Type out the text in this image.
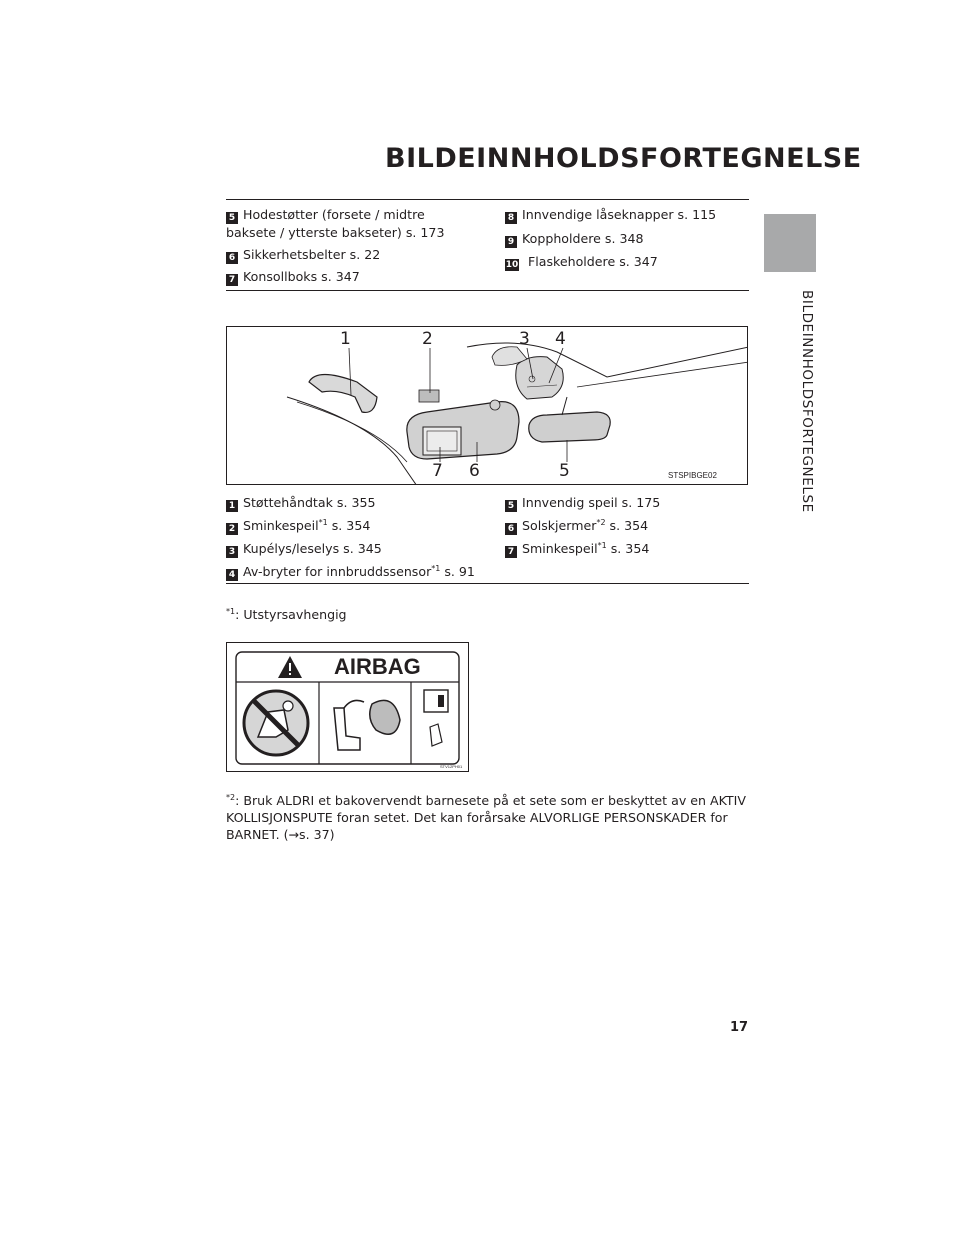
BILDEINNHOLDSFORTEGNELSE
BILDEINNHOLDSFORTEGNELSE
5 Hodestøtter (forsete / midtre
baksete / ytterste bakseter) s. 173
6 Sikkerhetsbelter s. 22
7 Konsollboks s. 347
8 Innvendige låseknapper s. 115
9 Koppholdere s. 348
10 Flaskeholdere s. 347
1	2	3 4
7 6	5	STSPIBGE02
1 Støttehåndtak s. 355
2 Sminkespeil$^{*1}$ s. 354
3 Kupélys/leselys s. 345
4 Av-bryter for innbruddssensor$^{*1}$ s. 91
5 Innvendig speil s. 175
6 Solskjermer$^{*2}$ s. 354
7 Sminkespeil$^{*1}$ s. 354
$^{*1}$: Utstyrsavhengig
STV12PH01
AIRBAG
$^{*2}$: Bruk ALDRI et bakovervendt barnesete på et sete som er beskyttet av en AKTIV
KOLLISJONSPUTE foran setet. Det kan forårsake ALVORLIGE PERSONSKADER for
BARNET. (→s. 37)
17
